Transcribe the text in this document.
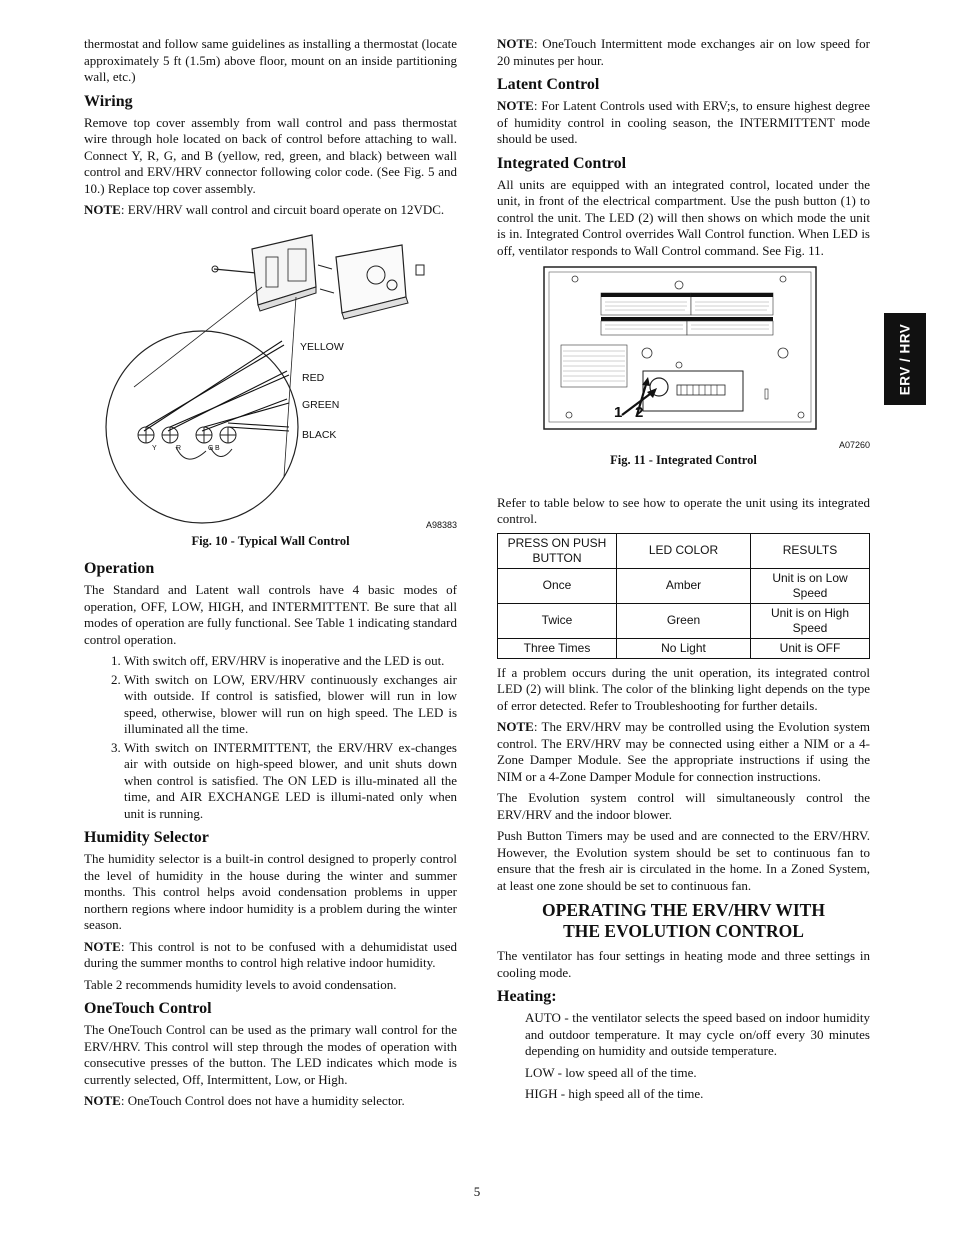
thermostat and follow same guidelines as installing a thermostat (locate approximately 5 ft (1.5m) above floor, mount on an inside partitioning wall, etc.)

Wiring

Remove top cover assembly from wall control and pass thermostat wire through hole located on back of control before attaching to wall. Connect Y, R, G, and B (yellow, red, green, and black) between wall control and ERV/HRV connector following color code. (See Fig. 5 and 10.) Replace top cover assembly.

NOTE: ERV/HRV wall control and circuit board operate on 12VDC.

YELLOW
RED
GREEN
BLACK
Y	R	G B
A98383
Fig. 10 - Typical Wall Control
Operation

The Standard and Latent wall controls have 4 basic modes of operation, OFF, LOW, HIGH, and INTERMITTENT. Be sure that all modes of operation are fully functional. See Table 1 indicating standard control operation.

1. With switch off, ERV/HRV is inoperative and the LED is out.
2. With switch on LOW, ERV/HRV continuously exchanges air with outside. If control is satisfied, blower will run in low speed, otherwise, blower will run on high speed. The LED is illuminated all the time.
3. With switch on INTERMITTENT, the ERV/HRV ex-changes air with outside on high-speed blower, and unit shuts down when control is satisfied. The ON LED is illu-minated all the time, and AIR EXCHANGE LED is illumi-nated only when unit is running.
Humidity Selector

The humidity selector is a built-in control designed to properly control the level of humidity in the house during the winter and summer months. This control helps avoid condensation problems in upper northern regions where indoor humidity is a problem during the winter season.

NOTE: This control is not to be confused with a dehumidistat used during the summer months to control high relative indoor humidity.

Table 2 recommends humidity levels to avoid condensation.

OneTouch Control

The OneTouch Control can be used as the primary wall control for the ERV/HRV. This control will step through the modes of operation with consecutive presses of the button. The LED indicates which mode is currently selected, Off, Intermittent, Low, or High.

NOTE: OneTouch Control does not have a humidity selector.

NOTE: OneTouch Intermittent mode exchanges air on low speed for 20 minutes per hour.

Latent Control

NOTE: For Latent Controls used with ERV;s, to ensure highest degree of humidity control in cooling season, the INTERMITTENT mode should be used.

Integrated Control

All units are equipped with an integrated control, located under the unit, in front of the electrical compartment. Use the push button (1) to control the unit. The LED (2) will then shows on which mode the unit is in. Integrated Control overrides Wall Control function. When LED is off, ventilator responds to Wall Control command. See Fig. 11.

1 2
A07260
Fig. 11 - Integrated Control

Refer to table below to see how to operate the unit using its integrated control.

PRESS ON PUSH BUTTON	LED COLOR	RESULTS
Once	Amber	Unit is on Low Speed
Twice	Green	Unit is on High Speed
Three Times	No Light	Unit is OFF

If a problem occurs during the unit operation, its integrated control LED (2) will blink. The color of the blinking light depends on the type of error detected. Refer to Troubleshooting for further details.

NOTE: The ERV/HRV may be controlled using the Evolution system control. The ERV/HRV may be connected using either a NIM or a 4-Zone Damper Module. See the appropriate instructions if using the NIM or a 4-Zone Damper Module for connection instructions.

The Evolution system control will simultaneously control the ERV/HRV and the indoor blower.

Push Button Timers may be used and are connected to the ERV/HRV. However, the Evolution system should be set to continuous fan to ensure that the fresh air is circulated in the home. In a Zoned System, at least one zone should be set to continuous fan.

OPERATING THE ERV/HRV WITH
THE EVOLUTION CONTROL

The ventilator has four settings in heating mode and three settings in cooling mode.

Heating:

AUTO - the ventilator selects the speed based on indoor humidity and outdoor temperature. It may cycle on/off every 30 minutes depending on humidity and outside temperature.

LOW - low speed all of the time.

HIGH - high speed all of the time.

ERV / HRV
5
